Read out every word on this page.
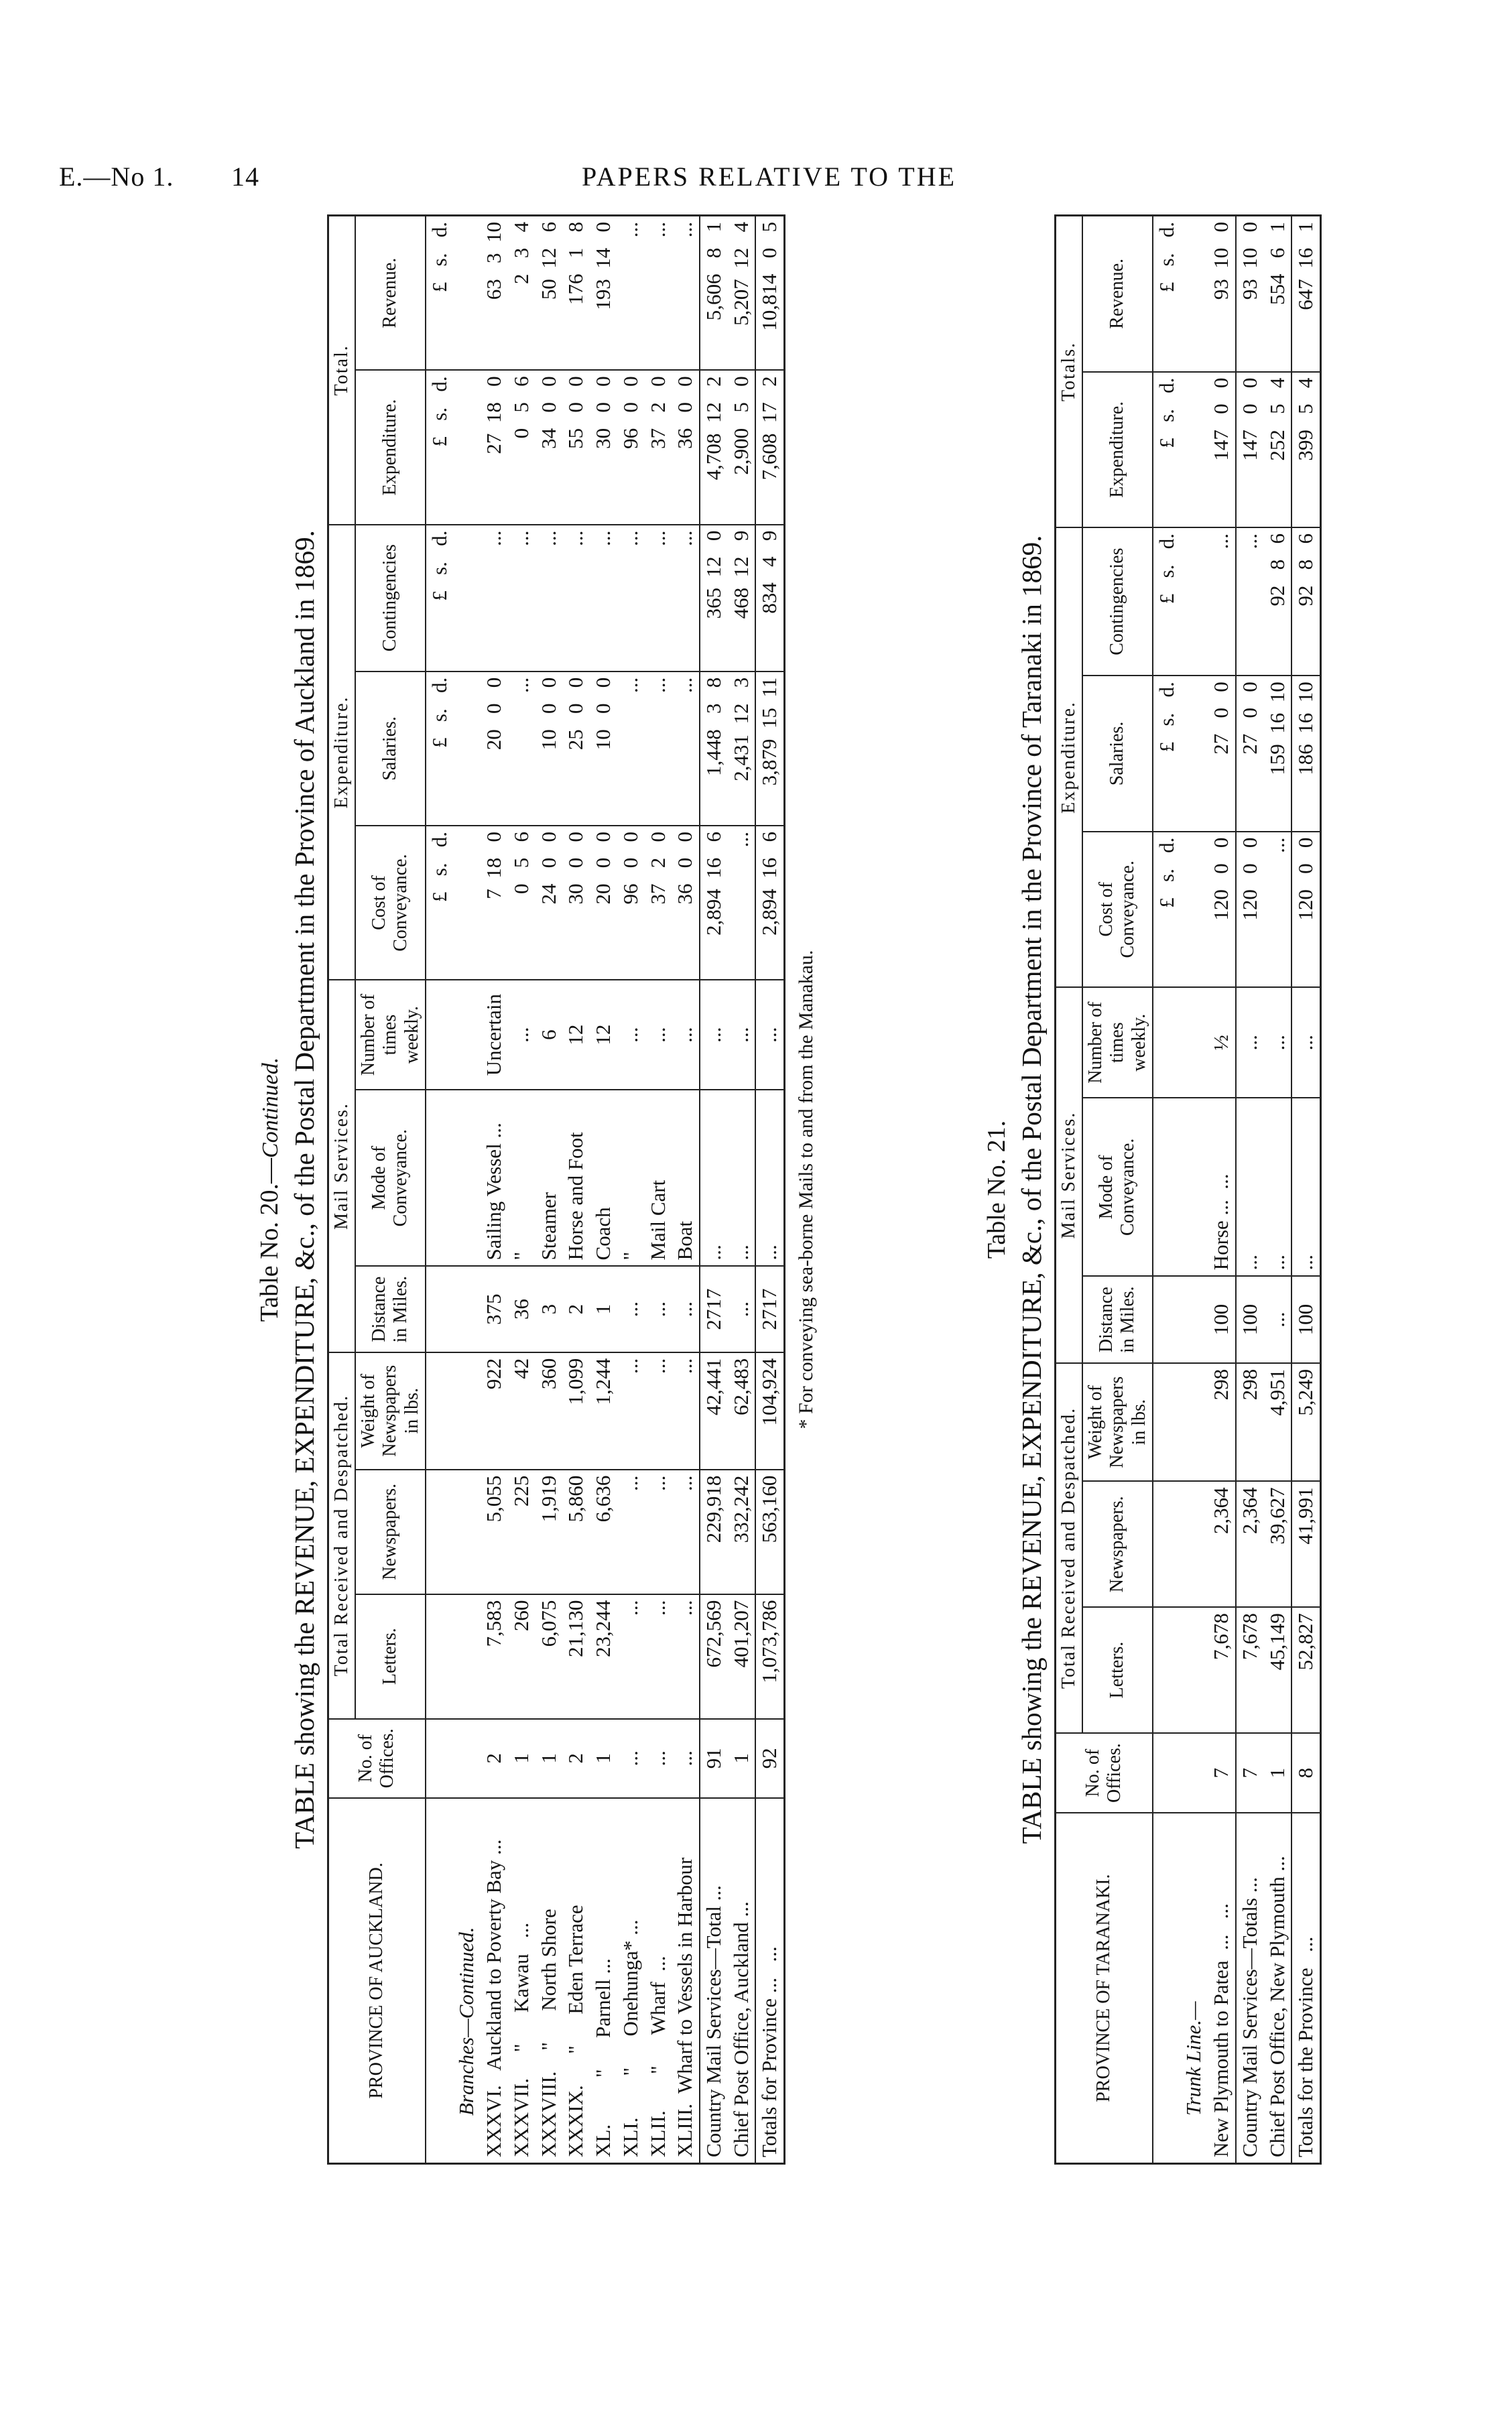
E.—No 1. 14	PAPERS RELATIVE TO THE
Table No. 20.—Continued. TABLE showing the REVENUE, EXPENDITURE, &c., of the Postal Department in the Province of Auckland in 1869.
PROVINCE OF AUCKLAND.	No. of Offices.	Total Received and Despatched.			Mail Services.			Expenditure.			Total.	
		Letters.	Newspapers.	Weight of Newspapers in lbs.	Distance in Miles.	Mode of Conveyance.	Number of times weekly.	Cost of Conveyance.	Salaries.	Contingencies	Expenditure.	Revenue.
								£   s.   d.	£   s.   d.	£   s.   d.	£   s.   d.	£   s.   d.
Branches—Continued.												
XXXVI.   Auckland to Poverty Bay ...	2	7,583	5,055	922	375	Sailing Vessel ...	Uncertain	7  18   0	20   0   0	...	27  18   0	63   3  10
XXXVII.     "      Kawau   ...	1	260	225	42	36	"	...	0   5   6	...	...	0   5   6	2   3   4
XXXVIII.    "      North Shore	1	6,075	1,919	360	3	Steamer	6	24   0   0	10   0   0	...	34   0   0	50  12   6
XXXIX.      "      Eden Terrace	2	21,130	5,860	1,099	2	Horse and Foot	12	30   0   0	25   0   0	...	55   0   0	176   1   8
XL.         "      Parnell ...	1	23,244	6,636	1,244	1	Coach	12	20   0   0	10   0   0	...	30   0   0	193  14   0
XLI.        "      Onehunga* ...	...	...	...	...	...	"	...	96   0   0	...	...	96   0   0	...
XLII.       "      Wharf  ...	...	...	...	...	...	Mail Cart	...	37   2   0	...	...	37   2   0	...
XLIII.  Wharf to Vessels in Harbour	...	...	...	...	...	Boat	...	36   0   0	...	...	36   0   0	...
Country Mail Services—Total ...	91	672,569	229,918	42,441	2717	...	...	2,894  16   6	1,448   3   8	365  12   0	4,708  12   2	5,606   8   1
Chief Post Office, Auckland ...	1	401,207	332,242	62,483	...	...	...	...	2,431  12   3	468  12   9	2,900   5   0	5,207  12   4
Totals for Province ...   ...	92	1,073,786	563,160	104,924	2717	...	...	2,894  16   6	3,879  15  11	834   4   9	7,608  17   2	10,814   0   5
* For conveying sea-borne Mails to and from the Manakau.	Table No. 21. TABLE showing the REVENUE, EXPENDITURE, &c., of the Postal Department in the Province of Taranaki in 1869.
PROVINCE OF TARANAKI.	No. of Offices.	Total Received and Despatched.			Mail Services.			Expenditure.			Totals.	
		Letters.	Newspapers.	Weight of Newspapers in lbs.	Distance in Miles.	Mode of Conveyance.	Number of times weekly.	Cost of Conveyance.	Salaries.	Contingencies	Expenditure.	Revenue.
								£   s.   d.	£   s.   d.	£   s.   d.	£   s.   d.	£   s.   d.
Trunk Line.—												
New Plymouth to Patea  ...   ...	7	7,678	2,364	298	100	Horse ...  ...	½	120   0   0	27   0   0	...	147   0   0	93  10   0
Country Mail Services—Totals ...	7	7,678	2,364	298	100	...	...	120   0   0	27   0   0	...	147   0   0	93  10   0
Chief Post Office, New Plymouth ...	1	45,149	39,627	4,951	...	...	...	...	159  16  10	92   8   6	252   5   4	554   6   1
Totals for the Province   ...	8	52,827	41,991	5,249	100	...	...	120   0   0	186  16  10	92   8   6	399   5   4	647  16   1
